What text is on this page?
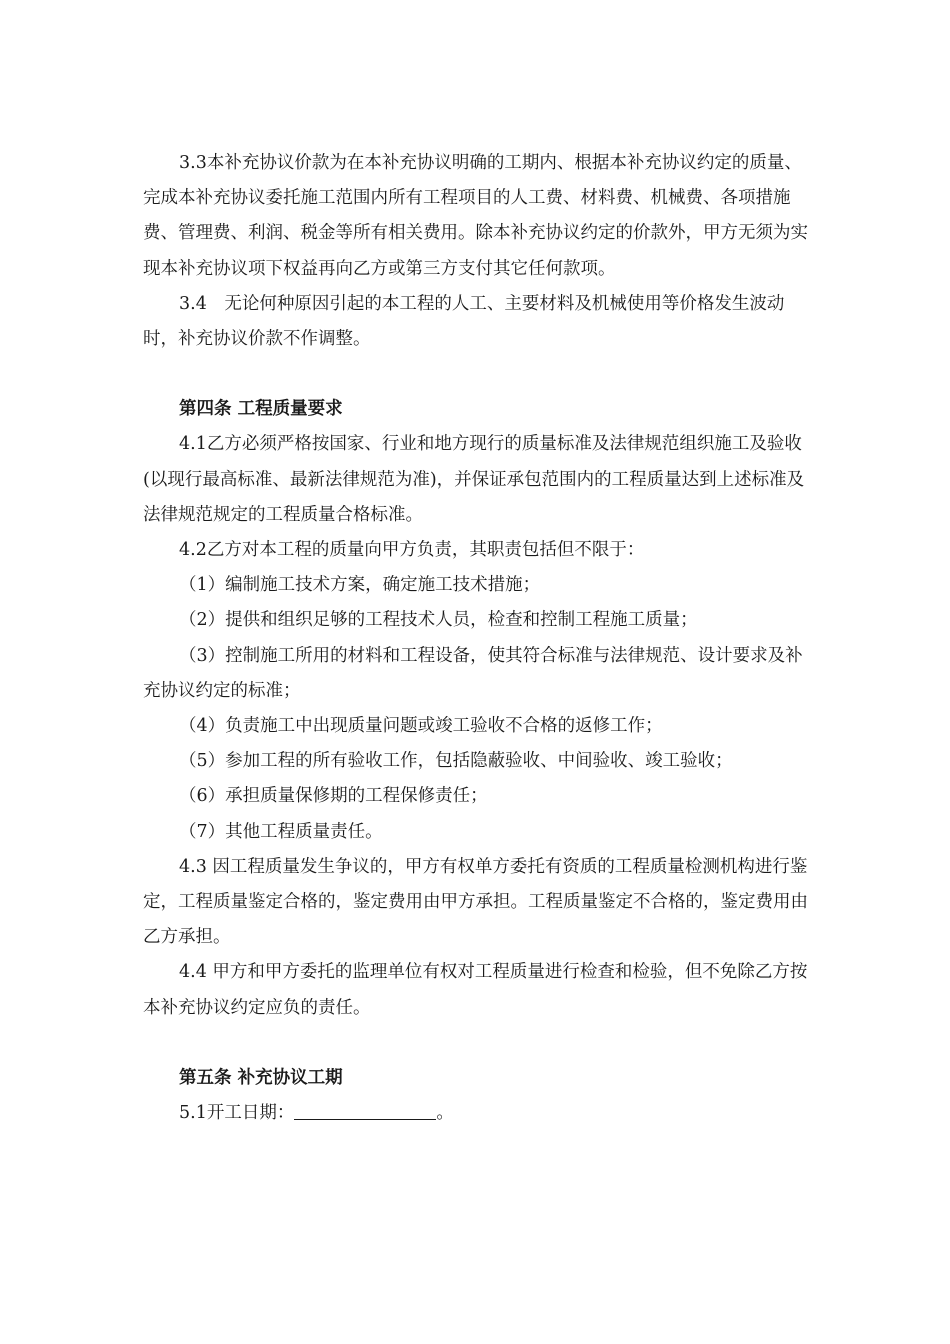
3.3本补充协议价款为在本补充协议明确的工期内、根据本补充协议约定的质量、完成本补充协议委托施工范围内所有工程项目的人工费、材料费、机械费、各项措施费、管理费、利润、税金等所有相关费用。除本补充协议约定的价款外，甲方无须为实现本补充协议项下权益再向乙方或第三方支付其它任何款项。

3.4　无论何种原因引起的本工程的人工、主要材料及机械使用等价格发生波动时，补充协议价款不作调整。

第四条 工程质量要求

4.1乙方必须严格按国家、行业和地方现行的质量标准及法律规范组织施工及验收(以现行最高标准、最新法律规范为准)，并保证承包范围内的工程质量达到上述标准及法律规范规定的工程质量合格标准。

4.2乙方对本工程的质量向甲方负责，其职责包括但不限于：

（1）编制施工技术方案，确定施工技术措施；

（2）提供和组织足够的工程技术人员，检查和控制工程施工质量；

（3）控制施工所用的材料和工程设备，使其符合标准与法律规范、设计要求及补充协议约定的标准；

（4）负责施工中出现质量问题或竣工验收不合格的返修工作；

（5）参加工程的所有验收工作，包括隐蔽验收、中间验收、竣工验收；

（6）承担质量保修期的工程保修责任；

（7）其他工程质量责任。

4.3 因工程质量发生争议的，甲方有权单方委托有资质的工程质量检测机构进行鉴定，工程质量鉴定合格的，鉴定费用由甲方承担。工程质量鉴定不合格的，鉴定费用由乙方承担。

4.4 甲方和甲方委托的监理单位有权对工程质量进行检查和检验，但不免除乙方按本补充协议约定应负的责任。

第五条 补充协议工期

5.1开工日期：	。
